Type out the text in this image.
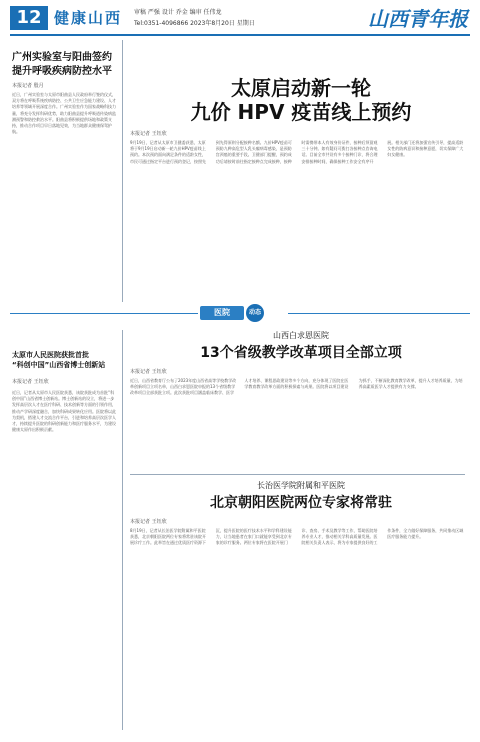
12 健康山西 审稿 严强 设计 乔金 编审 任伟龙
Tel:0351-4096866 2023年8月20日 星期日	山西青年报
广州实验室与阳曲签约
提升呼吸疾病防控水平
本报记者 殷月
近日，广州实验室与太原市阳曲县人民政府举行签约仪式，双方将在呼吸系统疾病防控、公共卫生应急能力建设、人才培养等领域开展深度合作。广州实验室作为国家战略科技力量，将充分发挥科研优势，助力阳曲县提升呼吸道传染病监测预警和防控救治水平。阳曲县将积极提供场地和政策支持，推动合作项目早日落地见效，为当地群众健康保驾护航。
太原启动新一轮
九价 HPV 疫苗线上预约
本报记者 王钰欣
9月19日，记者从太原市卫健委获悉，太原将于9月19日启动新一轮九价HPV疫苗线上预约。本次预约面向满足条件的适龄女性，市民可通过指定平台进行预约登记，按照先到先得原则分配接种名额。九价HPV疫苗可预防九种高危型人乳头瘤病毒感染，是预防宫颈癌的重要手段。卫健部门提醒，预约成功后请按时前往指定接种点完成接种，接种时需携带本人有效身份证件，接种后须留观三十分钟。如有疑问可拨打各接种点咨询电话。目前全市共设有多个接种门诊，将合理安排接种时间，确保接种工作安全有序开展。相关部门还将加强宣传引导，提高适龄女性的防病意识和接种意愿，切实保障广大妇女健康。
医院	动态
太原市人民医院获批首批
“科创中国”山西省博士创新站
本报记者 王钰欣
近日，记者从太原市人民医院获悉，该院获批成为首批“科创中国”山西省博士创新站。博士创新站的设立，将进一步发挥高层次人才在医疗科研、技术创新等方面的引领作用，推动产学研深度融合，加快科研成果转化应用。医院将以此为契机，搭建人才交流合作平台，引进和培养高层次医学人才，持续提升医院的科研创新能力和医疗服务水平，为建设健康太原作出积极贡献。
山西白求恩医院
13个省级教学改革项目全部立项
本报记者 王钰欣
近日，山西省教育厅公布了2023年度山西省高等学校教学改革创新项目立项名单，山西白求恩医院申报的13个省级教学改革项目全部获批立项。此次获批项目涵盖临床教学、医学人才培养、课程思政建设等多个方向，充分体现了医院在医学教育教学改革方面的积极探索与成果。医院将以项目建设为抓手，不断深化教育教学改革，提升人才培养质量，为培养高素质医学人才提供有力支撑。
长治医学院附属和平医院
北京朝阳医院两位专家将常驻
本报记者 王钰欣
8月19日，记者从长治医学院附属和平医院获悉，北京朝阳医院两位专家将常驻该院开展诊疗工作。此举旨在通过优质医疗资源下沉，提升医院的医疗技术水平和学科建设能力，让当地患者在家门口就能享受到北京专家的诊疗服务。两位专家将在医院开展门诊、查房、手术及教学等工作，帮助医院培养专业人才，推动相关学科高质量发展。医院相关负责人表示，将为专家提供良好的工作条件，全力做好保障服务，共同推动区域医疗服务能力提升。
